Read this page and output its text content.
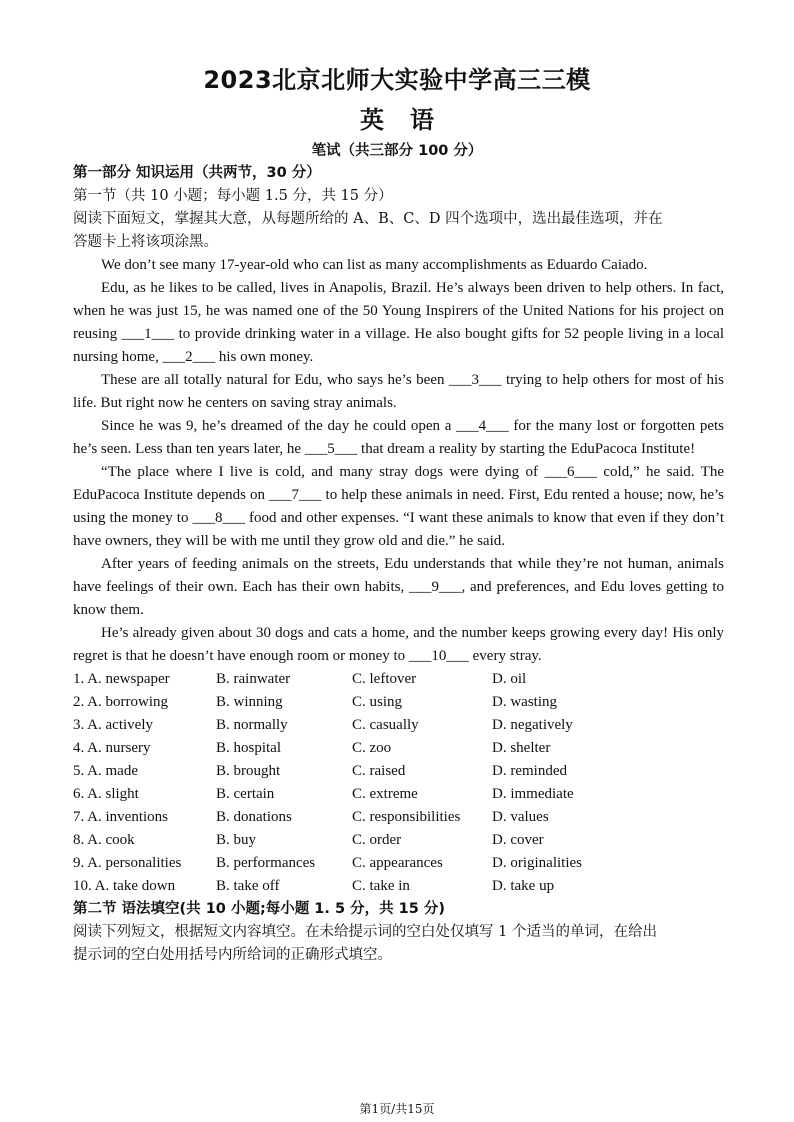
2023北京北师大实验中学高三三模
英语
笔试（共三部分 100 分）
第一部分 知识运用（共两节，30 分）
第一节（共 10 小题；每小题 1.5 分，共 15 分）
阅读下面短文，掌握其大意，从每题所给的 A、B、C、D 四个选项中，选出最佳选项，并在
答题卡上将该项涂黑。
We don’t see many 17-year-old who can list as many accomplishments as Eduardo Caiado.
Edu, as he likes to be called, lives in Anapolis, Brazil. He’s always been driven to help others. In fact, when he was just 15, he was named one of the 50 Young Inspirers of the United Nations for his project on reusing ___1___ to provide drinking water in a village. He also bought gifts for 52 people living in a local nursing home, ___2___ his own money.
These are all totally natural for Edu, who says he’s been ___3___ trying to help others for most of his life. But right now he centers on saving stray animals.
Since he was 9, he’s dreamed of the day he could open a ___4___ for the many lost or forgotten pets he’s seen. Less than ten years later, he ___5___ that dream a reality by starting the EduPacoca Institute!
“The place where I live is cold, and many stray dogs were dying of ___6___ cold,” he said. The EduPacoca Institute depends on ___7___ to help these animals in need. First, Edu rented a house; now, he’s using the money to ___8___ food and other expenses. “I want these animals to know that even if they don’t have owners, they will be with me until they grow old and die.” he said.
After years of feeding animals on the streets, Edu understands that while they’re not human, animals have feelings of their own. Each has their own habits, ___9___, and preferences, and Edu loves getting to know them.
He’s already given about 30 dogs and cats a home, and the number keeps growing every day! His only regret is that he doesn’t have enough room or money to ___10___ every stray.
1. A. newspaper	B. rainwater	C. leftover	D. oil
2. A. borrowing	B. winning	C. using	D. wasting
3. A. actively	B. normally	C. casually	D. negatively
4. A. nursery	B. hospital	C. zoo	D. shelter
5. A. made	B. brought	C. raised	D. reminded
6. A. slight	B. certain	C. extreme	D. immediate
7. A. inventions	B. donations	C. responsibilities	D. values
8. A. cook	B. buy	C. order	D. cover
9. A. personalities	B. performances	C. appearances	D. originalities
10. A. take down	B. take off	C. take in	D. take up
第二节 语法填空(共 10 小题;每小题 1. 5 分，共 15 分)
阅读下列短文，根据短文内容填空。在未给提示词的空白处仅填写 1 个适当的单词，在给出
提示词的空白处用括号内所给词的正确形式填空。
第1页/共15页
